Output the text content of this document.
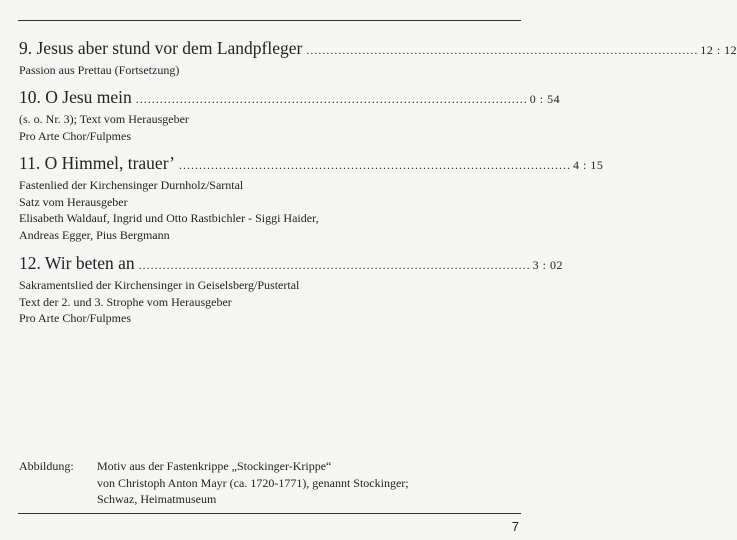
9. Jesus aber stund vor dem Landpfleger .................................................................................................. 12 : 12

Passion aus Prettau (Fortsetzung)

10. O Jesu mein .................................................................................................. 0 : 54

(s. o. Nr. 3); Text vom Herausgeber

Pro Arte Chor/Fulpmes

11. O Himmel, trauer’ .................................................................................................. 4 : 15

Fastenlied der Kirchensinger Durnholz/Sarntal

Satz vom Herausgeber

Elisabeth Waldauf, Ingrid und Otto Rastbichler - Siggi Haider,

Andreas Egger, Pius Bergmann

12. Wir beten an .................................................................................................. 3 : 02

Sakramentslied der Kirchensinger in Geiselsberg/Pustertal

Text der 2. und 3. Strophe vom Herausgeber

Pro Arte Chor/Fulpmes

Abbildung: Motiv aus der Fastenkrippe „Stockinger-Krippe“
von Christoph Anton Mayr (ca. 1720-1771), genannt Stockinger;
Schwaz, Heimatmuseum
7
